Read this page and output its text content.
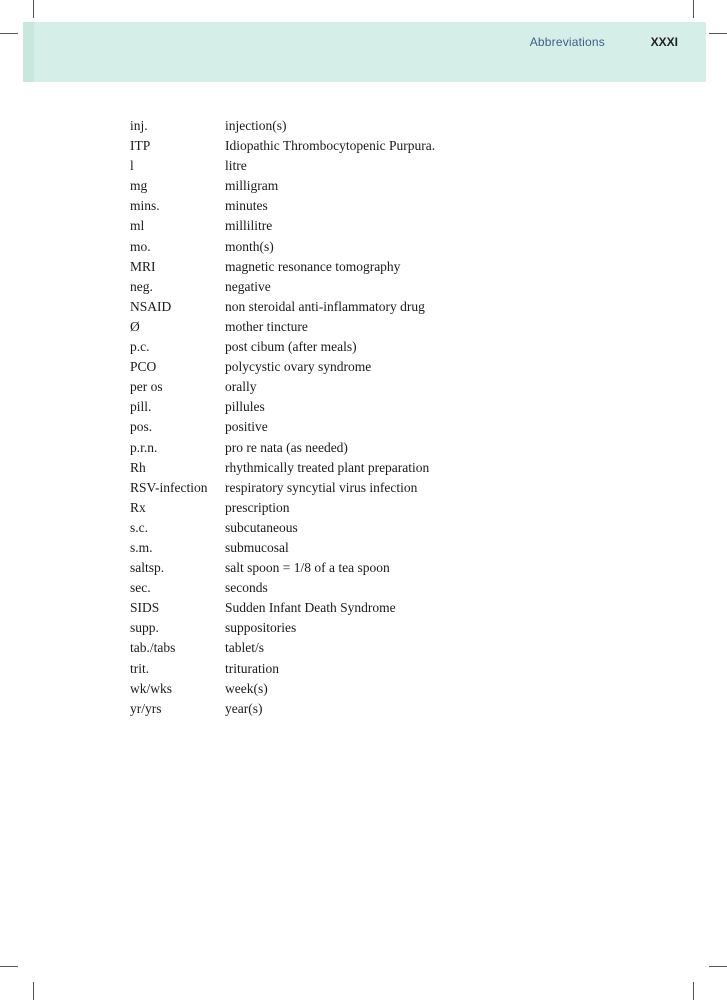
Abbreviations	XXXI
inj.	injection(s)
ITP	Idiopathic Thrombocytopenic Purpura.
l	litre
mg	milligram
mins.	minutes
ml	millilitre
mo.	month(s)
MRI	magnetic resonance tomography
neg.	negative
NSAID	non steroidal anti-inflammatory drug
Ø	mother tincture
p.c.	post cibum (after meals)
PCO	polycystic ovary syndrome
per os	orally
pill.	pillules
pos.	positive
p.r.n.	pro re nata (as needed)
Rh	rhythmically treated plant preparation
RSV-infection	respiratory syncytial virus infection
Rx	prescription
s.c.	subcutaneous
s.m.	submucosal
saltsp.	salt spoon = 1/8 of a tea spoon
sec.	seconds
SIDS	Sudden Infant Death Syndrome
supp.	suppositories
tab./tabs	tablet/s
trit.	trituration
wk/wks	week(s)
yr/yrs	year(s)
